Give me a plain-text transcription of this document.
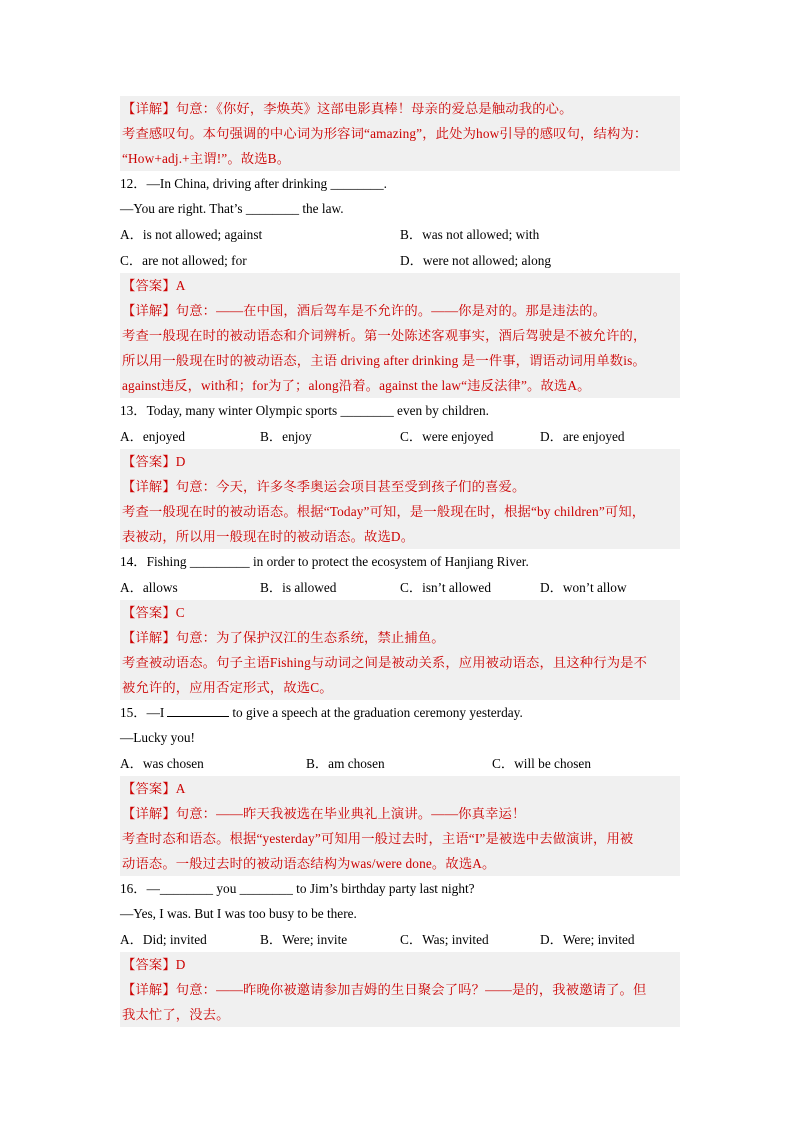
【详解】句意：《你好，李焕英》这部电影真棒！母亲的爱总是触动我的心。
考查感叹句。本句强调的中心词为形容词“amazing”，此处为how引导的感叹句，结构为：
“How+adj.+主谓!”。故选B。
12．—In China, driving after drinking ________.
—You are right. That’s ________ the law.
A．is not allowed; against	B．was not allowed; with
C．are not allowed; for	D．were not allowed; along
【答案】A
【详解】句意：——在中国，酒后驾车是不允许的。——你是对的。那是违法的。
考查一般现在时的被动语态和介词辨析。第一处陈述客观事实，酒后驾驶是不被允许的，
所以用一般现在时的被动语态，主语 driving after drinking 是一件事，谓语动词用单数is。
against违反，with和；for为了；along沿着。against the law“违反法律”。故选A。
13．Today, many winter Olympic sports ________ even by children.
A．enjoyed	B．enjoy	C．were enjoyed	D．are enjoyed
【答案】D
【详解】句意：今天，许多冬季奥运会项目甚至受到孩子们的喜爱。
考查一般现在时的被动语态。根据“Today”可知，是一般现在时，根据“by children”可知，
表被动，所以用一般现在时的被动语态。故选D。
14．Fishing _________ in order to protect the ecosystem of Hanjiang River.
A．allows	B．is allowed	C．isn’t allowed	D．won’t allow
【答案】C
【详解】句意：为了保护汉江的生态系统，禁止捕鱼。
考查被动语态。句子主语Fishing与动词之间是被动关系，应用被动语态，且这种行为是不
被允许的，应用否定形式，故选C。
15．—I	to give a speech at the graduation ceremony yesterday.
—Lucky you!
A．was chosen	B．am chosen	C．will be chosen
【答案】A
【详解】句意：——昨天我被选在毕业典礼上演讲。——你真幸运！
考查时态和语态。根据“yesterday”可知用一般过去时，主语“I”是被选中去做演讲，用被
动语态。一般过去时的被动语态结构为was/were done。故选A。
16．—________ you ________ to Jim’s birthday party last night?
—Yes, I was. But I was too busy to be there.
A．Did; invited	B．Were; invite	C．Was; invited	D．Were; invited
【答案】D
【详解】句意：——昨晚你被邀请参加吉姆的生日聚会了吗？——是的，我被邀请了。但
我太忙了，没去。
